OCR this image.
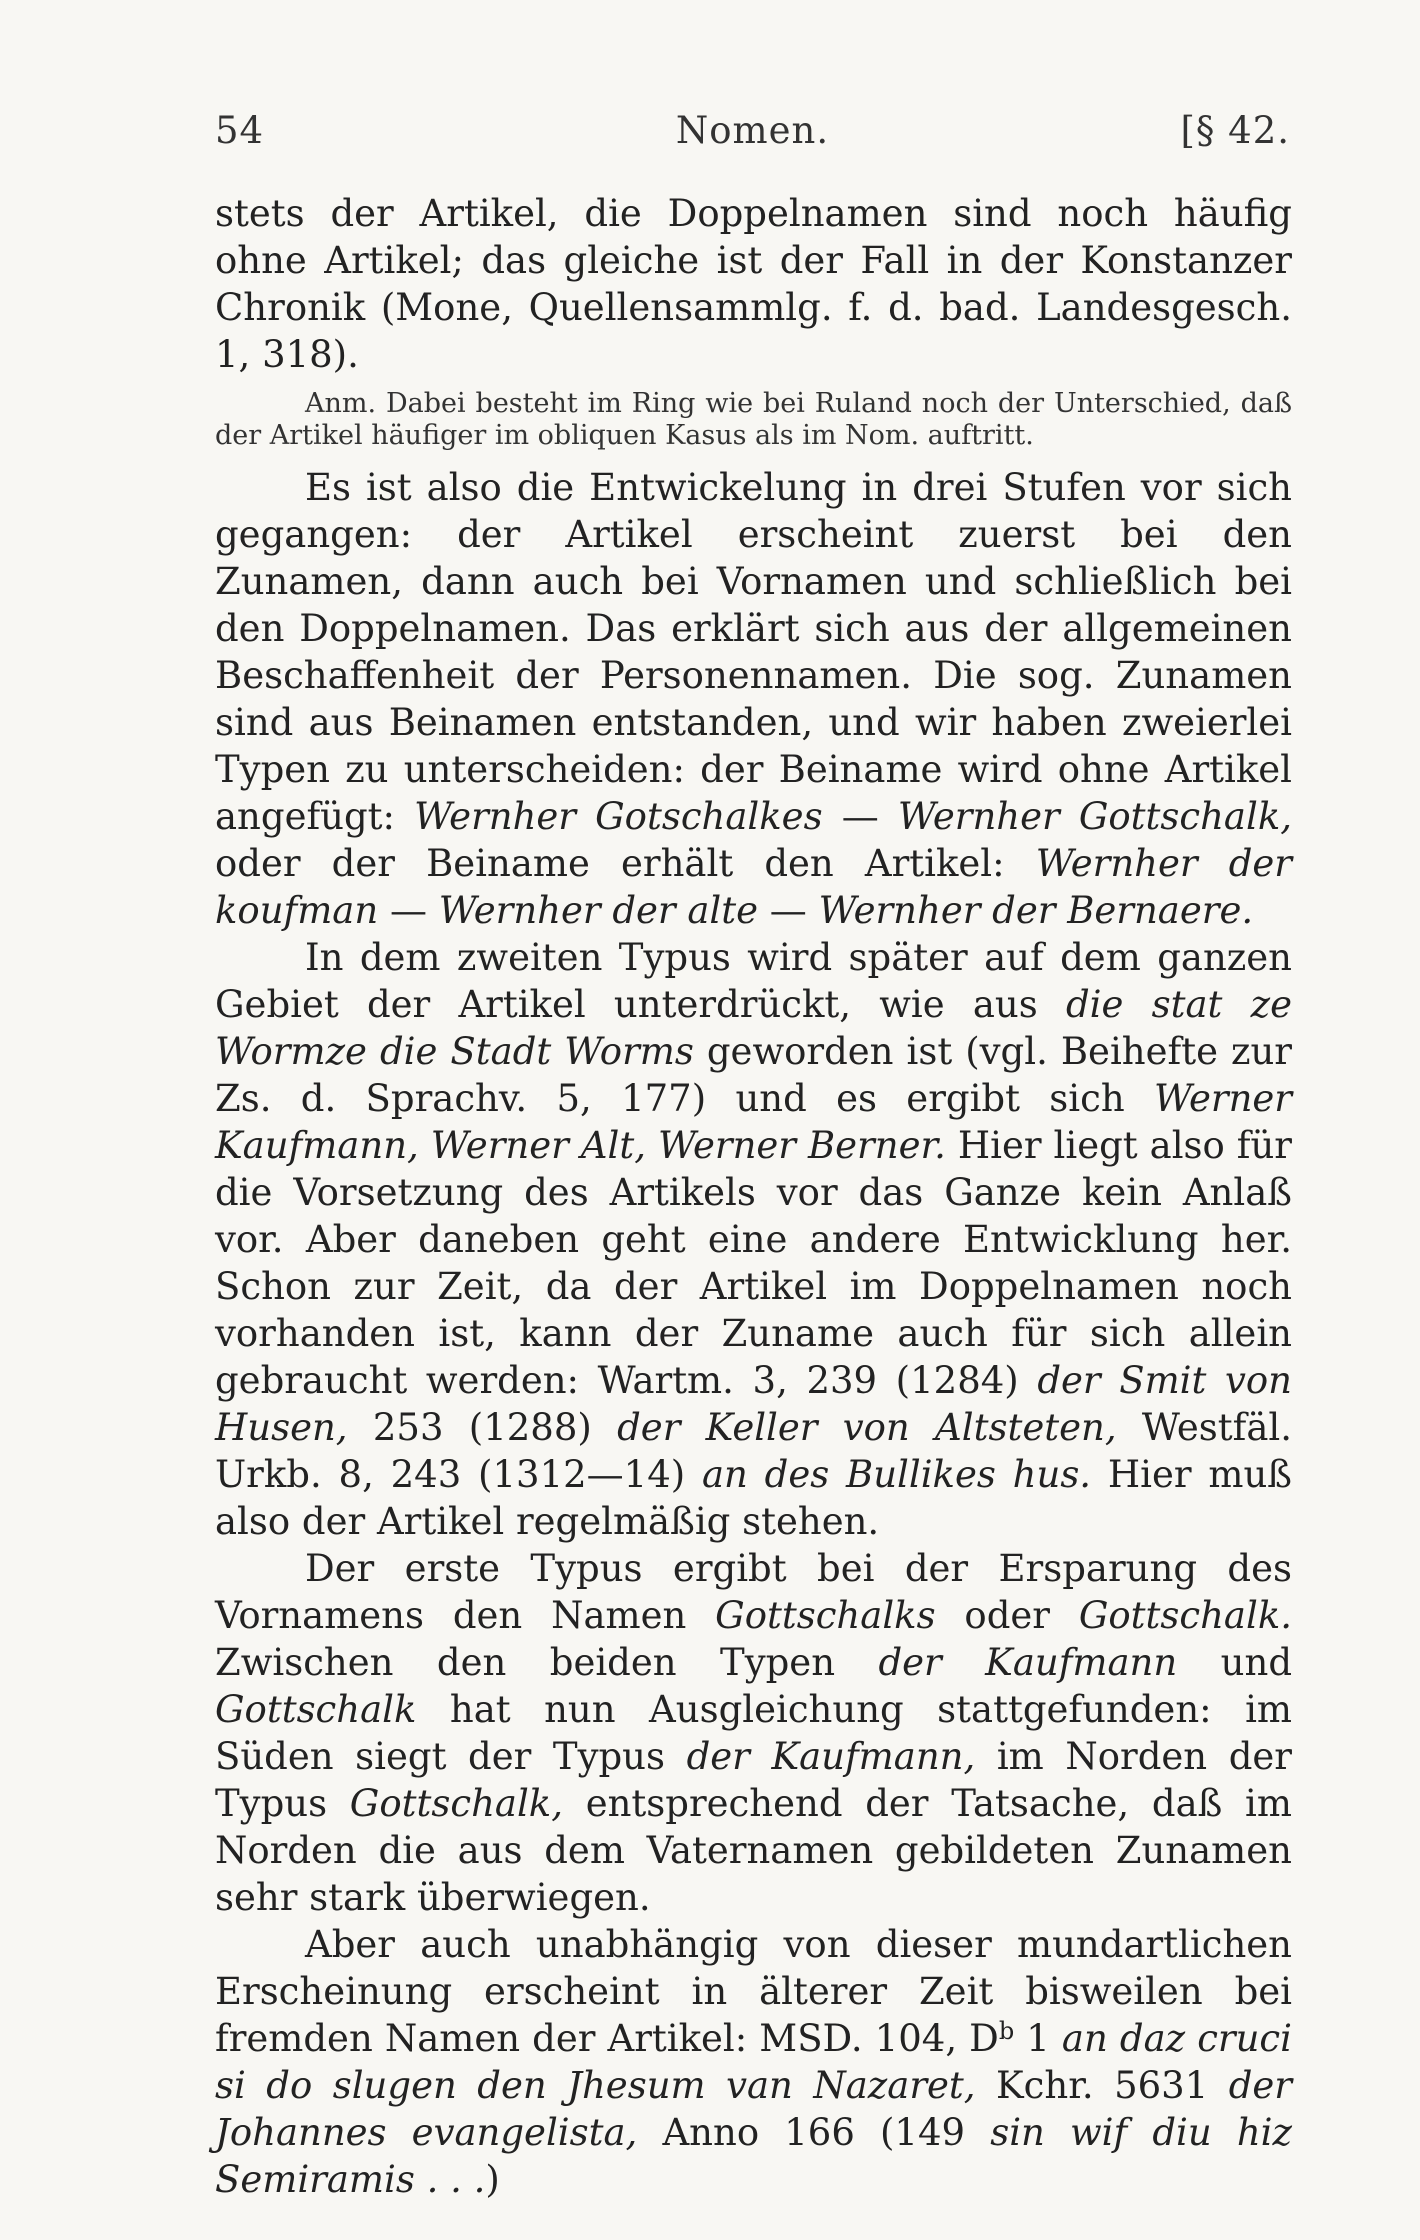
54	Nomen.	[§ 42.

stets der Artikel, die Doppelnamen sind noch häufig ohne Artikel; das gleiche ist der Fall in der Konstanzer Chronik (Mone, Quellensammlg. f. d. bad. Landesgesch. 1, 318).

Anm. Dabei besteht im Ring wie bei Ruland noch der Unterschied, daß der Artikel häufiger im obliquen Kasus als im Nom. auftritt.

Es ist also die Entwickelung in drei Stufen vor sich gegangen: der Artikel erscheint zuerst bei den Zunamen, dann auch bei Vornamen und schließlich bei den Doppelnamen. Das erklärt sich aus der allgemeinen Beschaffenheit der Personennamen. Die sog. Zunamen sind aus Beinamen entstanden, und wir haben zweierlei Typen zu unterscheiden: der Beiname wird ohne Artikel angefügt: Wernher Gotschalkes — Wernher Gottschalk, oder der Beiname erhält den Artikel: Wernher der koufman — Wernher der alte — Wernher der Bernaere.

In dem zweiten Typus wird später auf dem ganzen Gebiet der Artikel unterdrückt, wie aus die stat ze Wormze die Stadt Worms geworden ist (vgl. Beihefte zur Zs. d. Sprachv. 5, 177) und es ergibt sich Werner Kaufmann, Werner Alt, Werner Berner. Hier liegt also für die Vorsetzung des Artikels vor das Ganze kein Anlaß vor. Aber daneben geht eine andere Entwicklung her. Schon zur Zeit, da der Artikel im Doppelnamen noch vorhanden ist, kann der Zuname auch für sich allein gebraucht werden: Wartm. 3, 239 (1284) der Smit von Husen, 253 (1288) der Keller von Altsteten, Westfäl. Urkb. 8, 243 (1312—14) an des Bullikes hus. Hier muß also der Artikel regelmäßig stehen.

Der erste Typus ergibt bei der Ersparung des Vornamens den Namen Gottschalks oder Gottschalk. Zwischen den beiden Typen der Kaufmann und Gottschalk hat nun Ausgleichung stattgefunden: im Süden siegt der Typus der Kaufmann, im Norden der Typus Gottschalk, entsprechend der Tatsache, daß im Norden die aus dem Vaternamen gebildeten Zunamen sehr stark überwiegen.

Aber auch unabhängig von dieser mundartlichen Erscheinung erscheint in älterer Zeit bisweilen bei fremden Namen der Artikel: MSD. 104, $D^b$ 1 an daz cruci si do slugen den Jhesum van Nazaret, Kchr. 5631 der Johannes evangelista, Anno 166 (149 sin wif diu hiz Semiramis . . .)
